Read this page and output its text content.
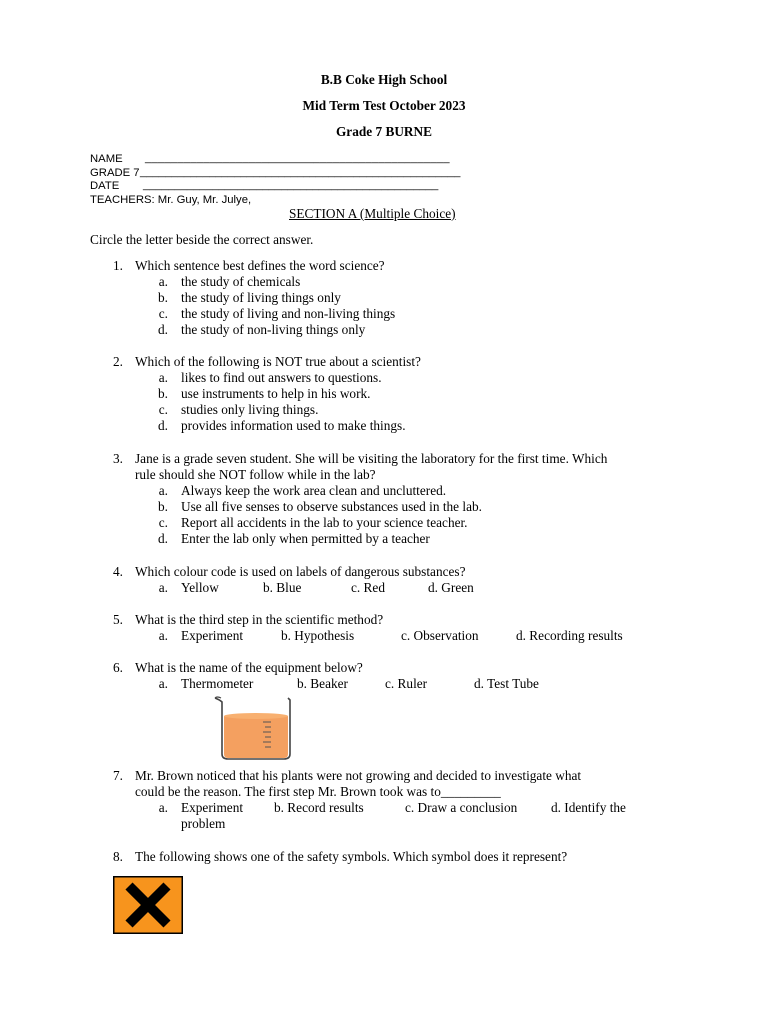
B.B Coke High School
Mid Term Test October 2023
Grade 7 BURNE
NAME _______________________________________________
GRADE 7 ___________________________________________________
DATE _______________________________________________
TEACHERS: Mr. Guy, Mr. Julye,
SECTION A (Multiple Choice)
Circle the letter beside the correct answer.
1. Which sentence best defines the word science?
a. the study of chemicals
b. the study of living things only
c. the study of living and non-living things
d. the study of non-living things only
2. Which of the following is NOT true about a scientist?
a. likes to find out answers to questions.
b. use instruments to help in his work.
c. studies only living things.
d. provides information used to make things.
3. Jane is a grade seven student. She will be visiting the laboratory for the first time. Which
rule should she NOT follow while in the lab?
a. Always keep the work area clean and uncluttered.
b. Use all five senses to observe substances used in the lab.
c. Report all accidents in the lab to your science teacher.
d. Enter the lab only when permitted by a teacher
4. Which colour code is used on labels of dangerous substances?
a. Yellow	b. Blue	c. Red	d. Green
5. What is the third step in the scientific method?
a. Experiment	b. Hypothesis	c. Observation	d. Recording results
6. What is the name of the equipment below?
a. Thermometer	b. Beaker	c. Ruler	d. Test Tube
7. Mr. Brown noticed that his plants were not growing and decided to investigate what
could be the reason. The first step Mr. Brown took was to_________
a. Experiment b. Record results	c. Draw a conclusion	d. Identify the
problem
8. The following shows one of the safety symbols. Which symbol does it represent?
